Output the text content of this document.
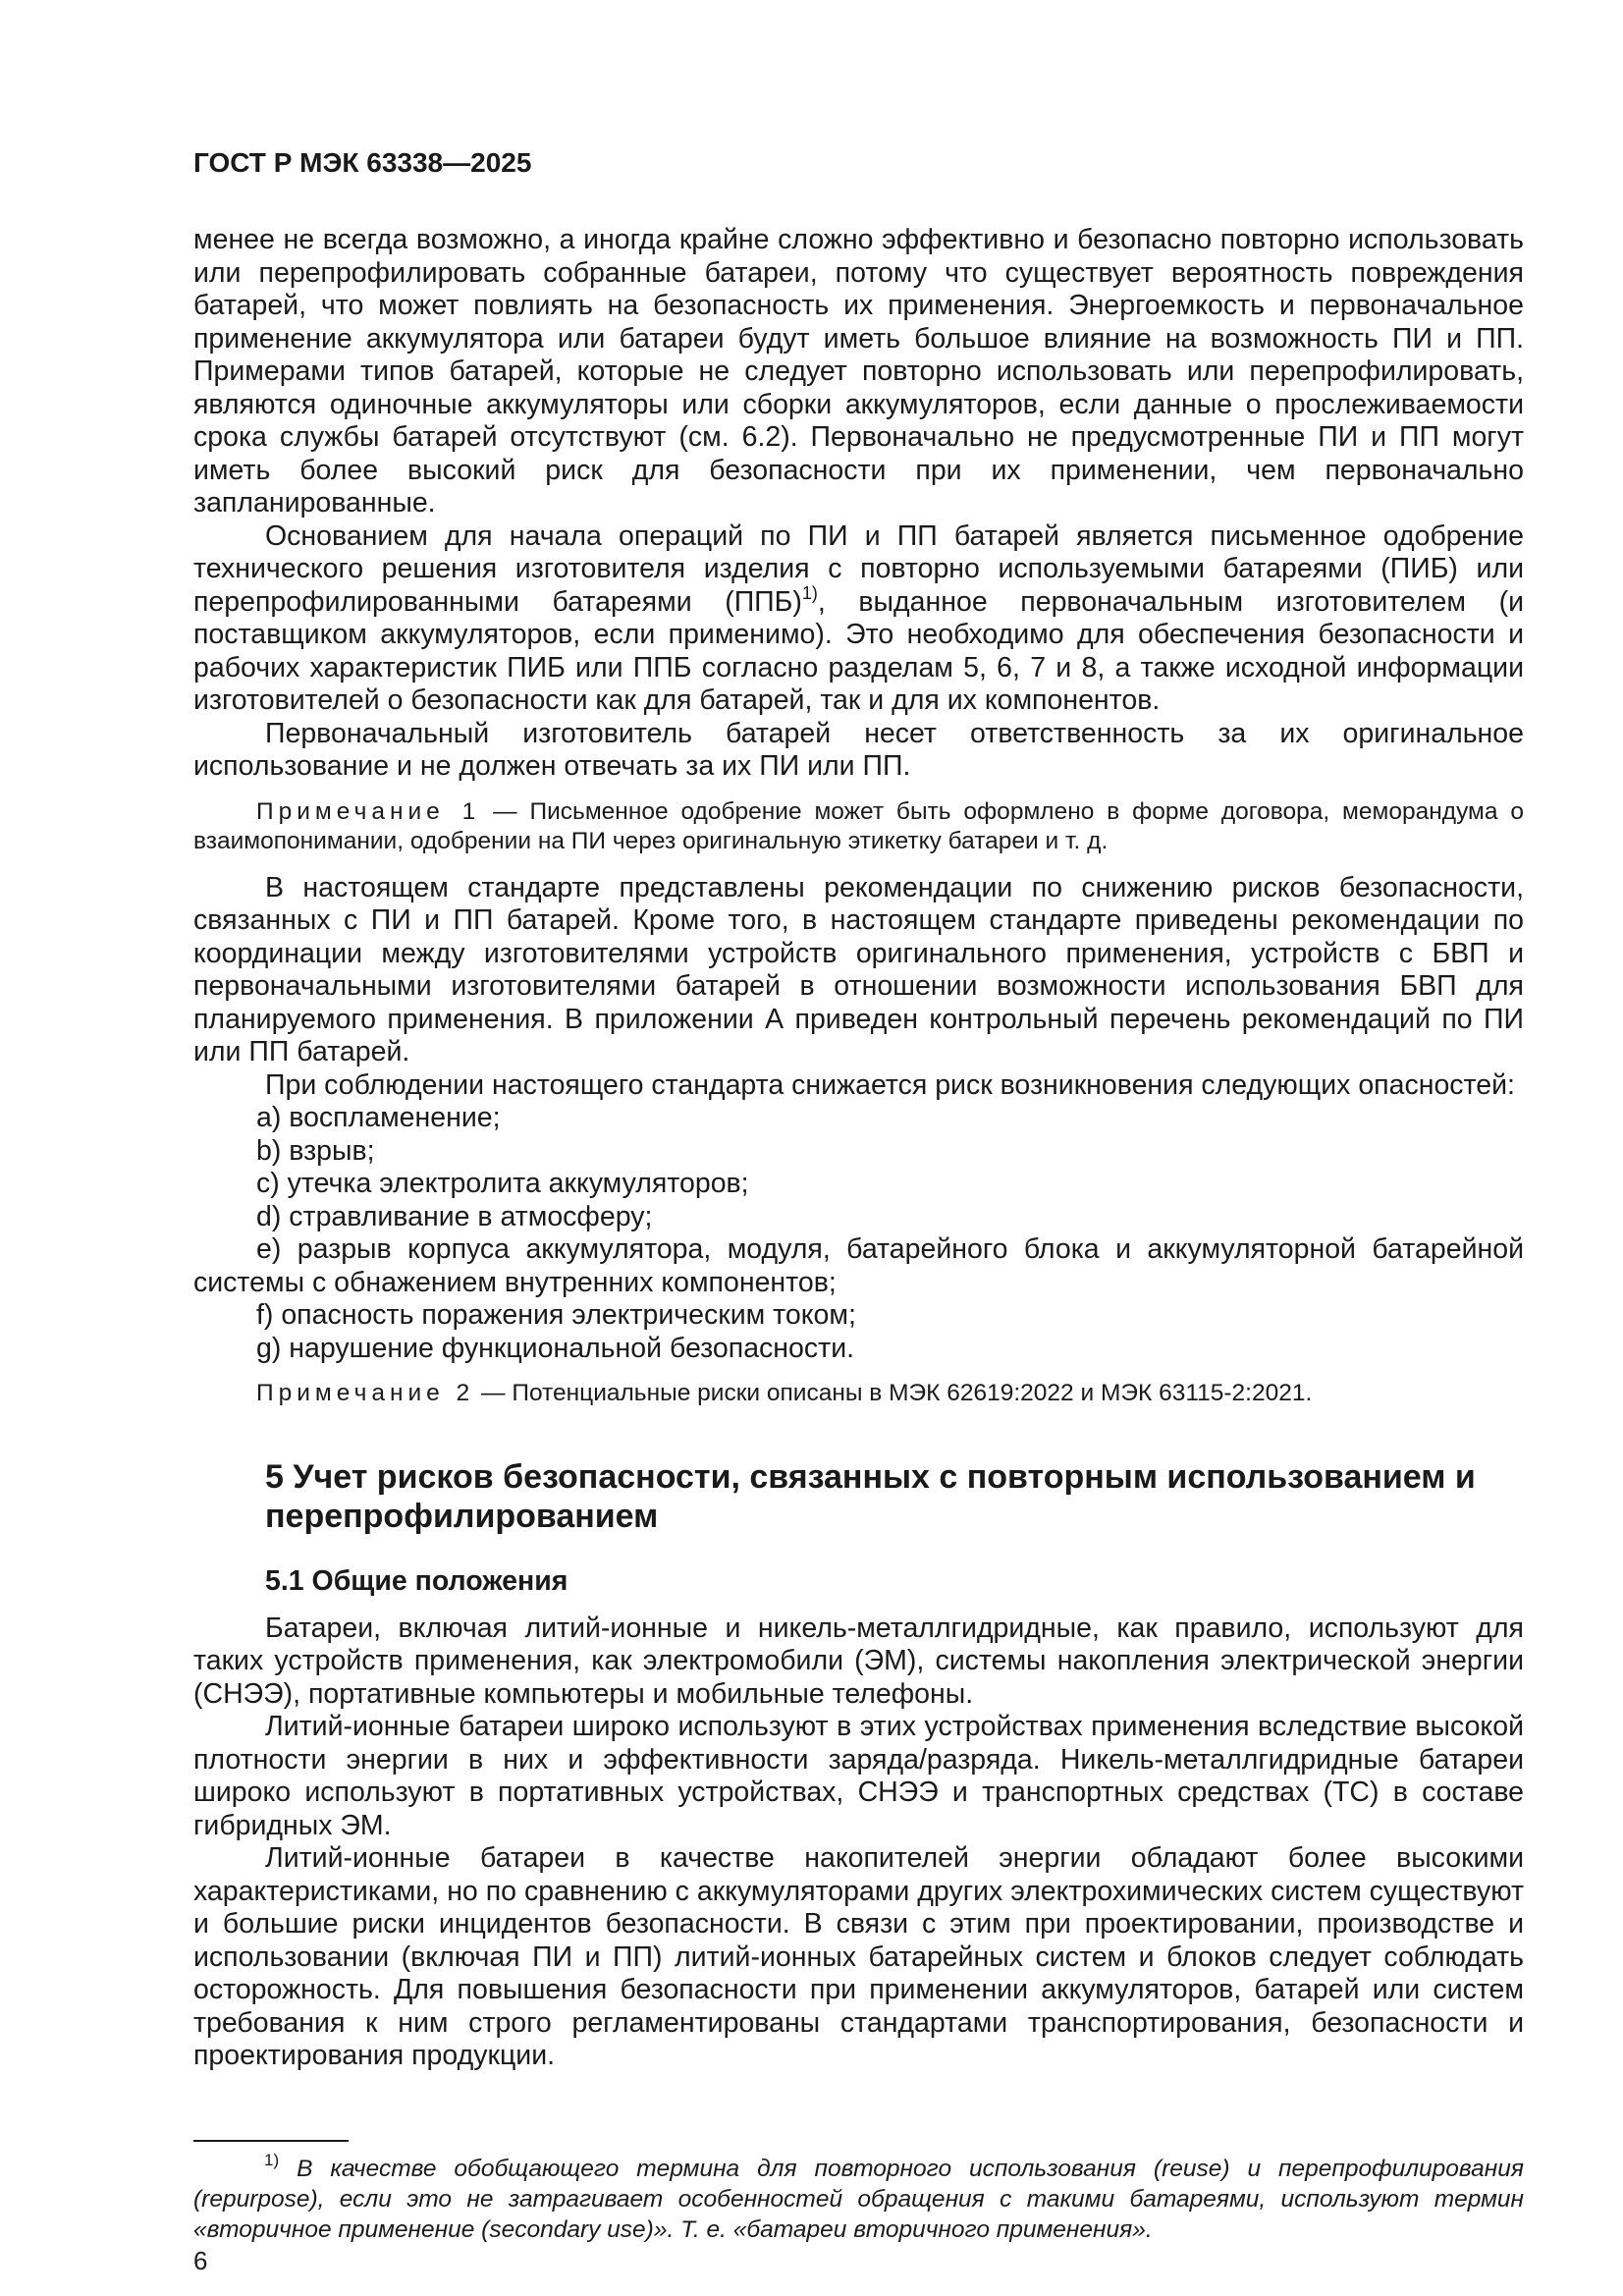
ГОСТ Р МЭК 63338—2025

менее не всегда возможно, а иногда крайне сложно эффективно и безопасно повторно использовать или перепрофилировать собранные батареи, потому что существует вероятность повреждения батарей, что может повлиять на безопасность их применения. Энергоемкость и первоначальное применение аккумулятора или батареи будут иметь большое влияние на возможность ПИ и ПП. Примерами типов батарей, которые не следует повторно использовать или перепрофилировать, являются одиночные аккумуляторы или сборки аккумуляторов, если данные о прослеживаемости срока службы батарей отсутствуют (см. 6.2). Первоначально не предусмотренные ПИ и ПП могут иметь более высокий риск для безопасности при их применении, чем первоначально запланированные.

Основанием для начала операций по ПИ и ПП батарей является письменное одобрение технического решения изготовителя изделия с повторно используемыми батареями (ПИБ) или перепрофилированными батареями (ППБ)$^{1)}$, выданное первоначальным изготовителем (и поставщиком аккумуляторов, если применимо). Это необходимо для обеспечения безопасности и рабочих характеристик ПИБ или ППБ согласно разделам 5, 6, 7 и 8, а также исходной информации изготовителей о безопасности как для батарей, так и для их компонентов.

Первоначальный изготовитель батарей несет ответственность за их оригинальное использование и не должен отвечать за их ПИ или ПП.

Примечание 1 — Письменное одобрение может быть оформлено в форме договора, меморандума о взаимопонимании, одобрении на ПИ через оригинальную этикетку батареи и т. д.

В настоящем стандарте представлены рекомендации по снижению рисков безопасности, связанных с ПИ и ПП батарей. Кроме того, в настоящем стандарте приведены рекомендации по координации между изготовителями устройств оригинального применения, устройств с БВП и первоначальными изготовителями батарей в отношении возможности использования БВП для планируемого применения. В приложении А приведен контрольный перечень рекомендаций по ПИ или ПП батарей.

При соблюдении настоящего стандарта снижается риск возникновения следующих опасностей:

а) воспламенение;

b) взрыв;

c) утечка электролита аккумуляторов;

d) стравливание в атмосферу;

e) разрыв корпуса аккумулятора, модуля, батарейного блока и аккумуляторной батарейной системы с обнажением внутренних компонентов;

f) опасность поражения электрическим током;

g) нарушение функциональной безопасности.

Примечание 2 — Потенциальные риски описаны в МЭК 62619:2022 и МЭК 63115-2:2021.

5 Учет рисков безопасности, связанных с повторным использованием и перепрофилированием
5.1 Общие положения

Батареи, включая литий-ионные и никель-металлгидридные, как правило, используют для таких устройств применения, как электромобили (ЭМ), системы накопления электрической энергии (СНЭЭ), портативные компьютеры и мобильные телефоны.

Литий-ионные батареи широко используют в этих устройствах применения вследствие высокой плотности энергии в них и эффективности заряда/разряда. Никель-металлгидридные батареи широко используют в портативных устройствах, СНЭЭ и транспортных средствах (ТС) в составе гибридных ЭМ.

Литий-ионные батареи в качестве накопителей энергии обладают более высокими характеристиками, но по сравнению с аккумуляторами других электрохимических систем существуют и большие риски инцидентов безопасности. В связи с этим при проектировании, производстве и использовании (включая ПИ и ПП) литий-ионных батарейных систем и блоков следует соблюдать осторожность. Для повышения безопасности при применении аккумуляторов, батарей или систем требования к ним строго регламентированы стандартами транспортирования, безопасности и проектирования продукции.

$^{1)}$ В качестве обобщающего термина для повторного использования (reuse) и перепрофилирования (repurpose), если это не затрагивает особенностей обращения с такими батареями, используют термин «вторичное применение (secondary use)». Т. е. «батареи вторичного применения».

6
